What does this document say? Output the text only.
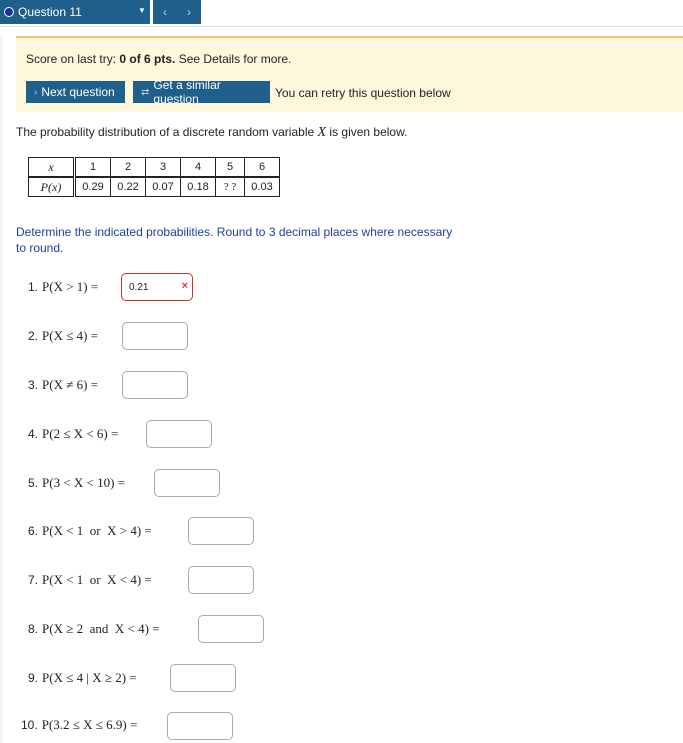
Question 11	▼ ‹ ›
Score on last try: 0 of 6 pts. See Details for more.
› Next question	⇄ Get a similar question	You can retry this question below
The probability distribution of a discrete random variable X is given below.
x	1	2	3	4	5	6
P(x)	0.29	0.22	0.07	0.18	? ?	0.03
Determine the indicated probabilities. Round to 3 decimal places where necessary to round.
1. P(X > 1) =	0.21	×
2. P(X ≤ 4) =
3. P(X ≠ 6) =
4. P(2 ≤ X < 6) =
5. P(3 < X < 10) =
6. P(X < 1  or  X > 4) =
7. P(X < 1  or  X < 4) =
8. P(X ≥ 2  and  X < 4) =
9. P(X ≤ 4 | X ≥ 2) =
10. P(3.2 ≤ X ≤ 6.9) =
